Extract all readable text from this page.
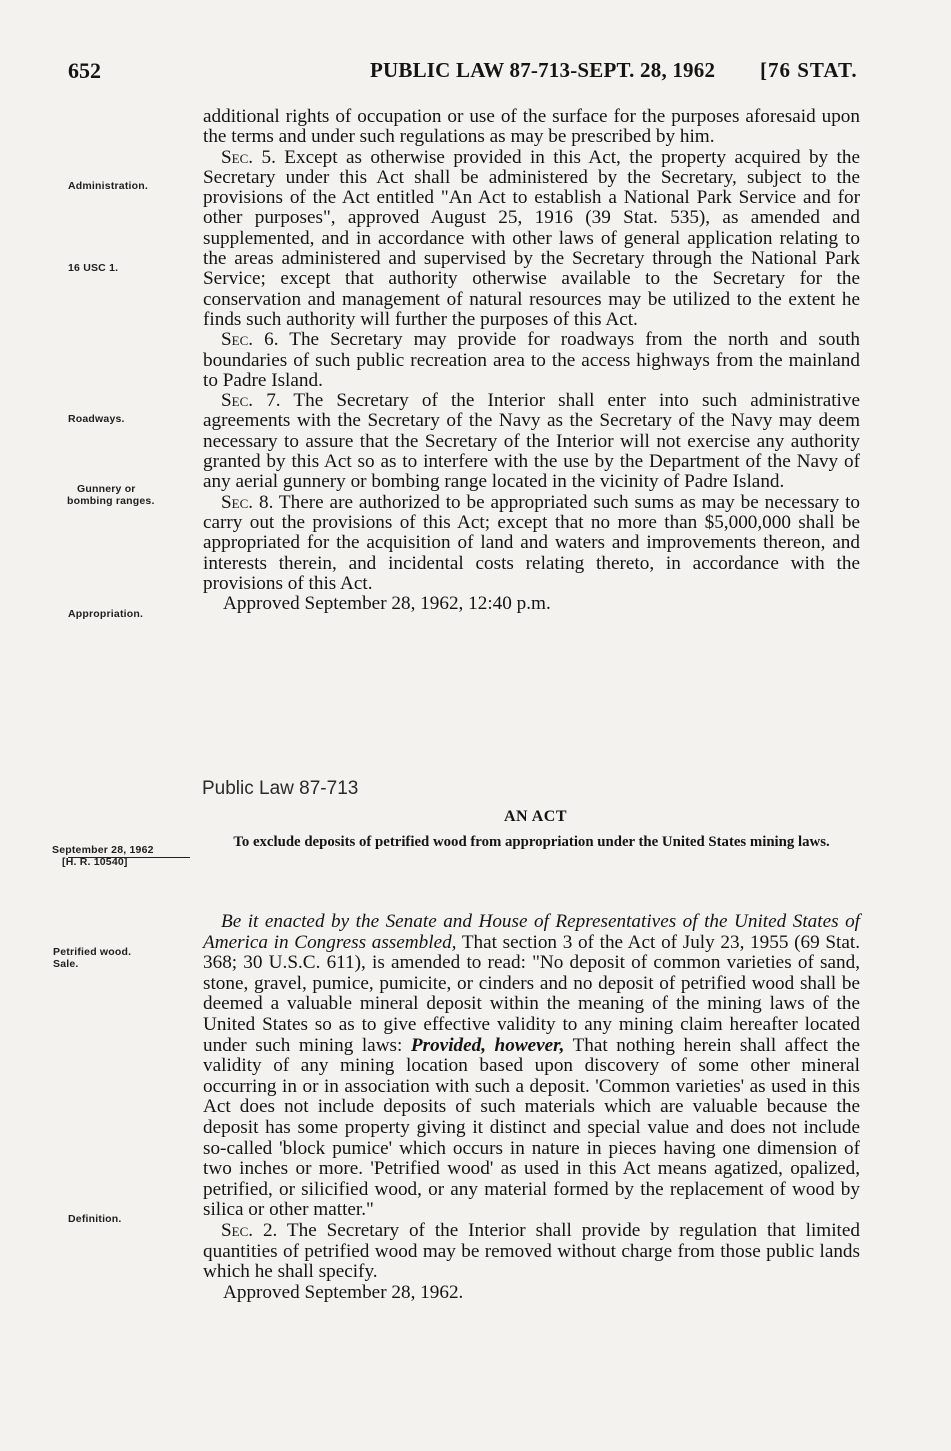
652	PUBLIC LAW 87-713-SEPT. 28, 1962 [76 STAT.
Administration.
16 USC 1.
Roadways.
Gunnery or
bombing ranges.
Appropriation.
September 28, 1962
[H. R. 10540]
Petrified wood.
Sale.
Definition.

additional rights of occupation or use of the surface for the purposes aforesaid upon the terms and under such regulations as may be prescribed by him.

Sec. 5. Except as otherwise provided in this Act, the property acquired by the Secretary under this Act shall be administered by the Secretary, subject to the provisions of the Act entitled "An Act to establish a National Park Service and for other purposes", approved August 25, 1916 (39 Stat. 535), as amended and supplemented, and in accordance with other laws of general application relating to the areas administered and supervised by the Secretary through the National Park Service; except that authority otherwise available to the Secretary for the conservation and management of natural resources may be utilized to the extent he finds such authority will further the purposes of this Act.

Sec. 6. The Secretary may provide for roadways from the north and south boundaries of such public recreation area to the access highways from the mainland to Padre Island.

Sec. 7. The Secretary of the Interior shall enter into such administrative agreements with the Secretary of the Navy as the Secretary of the Navy may deem necessary to assure that the Secretary of the Interior will not exercise any authority granted by this Act so as to interfere with the use by the Department of the Navy of any aerial gunnery or bombing range located in the vicinity of Padre Island.

Sec. 8. There are authorized to be appropriated such sums as may be necessary to carry out the provisions of this Act; except that no more than $5,000,000 shall be appropriated for the acquisition of land and waters and improvements thereon, and interests therein, and incidental costs relating thereto, in accordance with the provisions of this Act.

Approved September 28, 1962, 12:40 p.m.

Public Law 87-713
AN ACT
To exclude deposits of petrified wood from appropriation under the United States mining laws.

Be it enacted by the Senate and House of Representatives of the United States of America in Congress assembled, That section 3 of the Act of July 23, 1955 (69 Stat. 368; 30 U.S.C. 611), is amended to read: "No deposit of common varieties of sand, stone, gravel, pumice, pumicite, or cinders and no deposit of petrified wood shall be deemed a valuable mineral deposit within the meaning of the mining laws of the United States so as to give effective validity to any mining claim hereafter located under such mining laws: Provided, however, That nothing herein shall affect the validity of any mining location based upon discovery of some other mineral occurring in or in association with such a deposit. 'Common varieties' as used in this Act does not include deposits of such materials which are valuable because the deposit has some property giving it distinct and special value and does not include so-called 'block pumice' which occurs in nature in pieces having one dimension of two inches or more. 'Petrified wood' as used in this Act means agatized, opalized, petrified, or silicified wood, or any material formed by the replacement of wood by silica or other matter."

Sec. 2. The Secretary of the Interior shall provide by regulation that limited quantities of petrified wood may be removed without charge from those public lands which he shall specify.

Approved September 28, 1962.
